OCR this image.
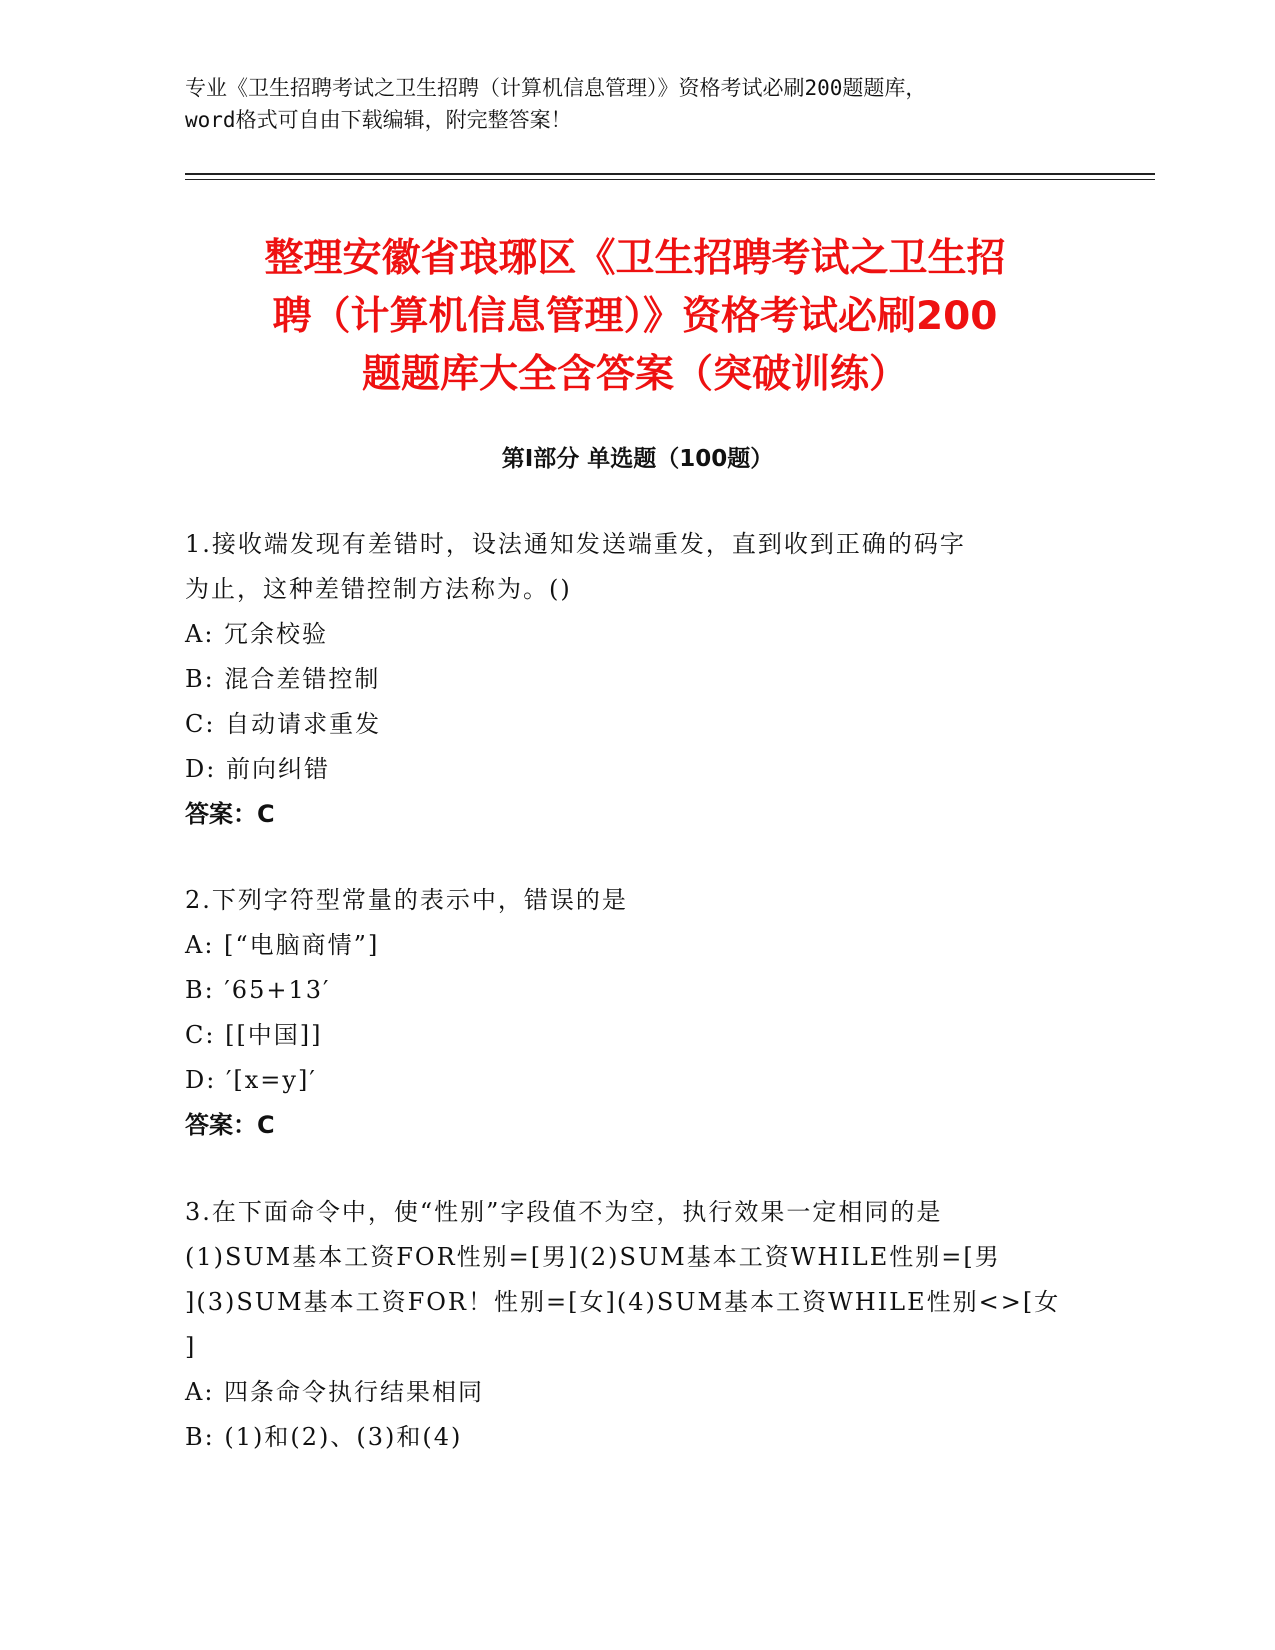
专业《卫生招聘考试之卫生招聘（计算机信息管理）》资格考试必刷200题题库，
word格式可自由下载编辑，附完整答案！
整理安徽省琅琊区《卫生招聘考试之卫生招
聘（计算机信息管理）》资格考试必刷200
题题库大全含答案（突破训练）
第I部分 单选题（100题）
1.接收端发现有差错时，设法通知发送端重发，直到收到正确的码字
为止，这种差错控制方法称为。()
A: 冗余校验
B: 混合差错控制
C: 自动请求重发
D: 前向纠错
答案：C
2.下列字符型常量的表示中，错误的是
A: [“电脑商情”]
B: ′65+13′
C: [[中国]]
D: ′[x=y]′
答案：C
3.在下面命令中，使“性别”字段值不为空，执行效果一定相同的是
(1)SUM基本工资FOR性别=[男](2)SUM基本工资WHILE性别=[男
](3)SUM基本工资FOR！性别=[女](4)SUM基本工资WHILE性别<>[女
]
A: 四条命令执行结果相同
B: (1)和(2)、(3)和(4)
